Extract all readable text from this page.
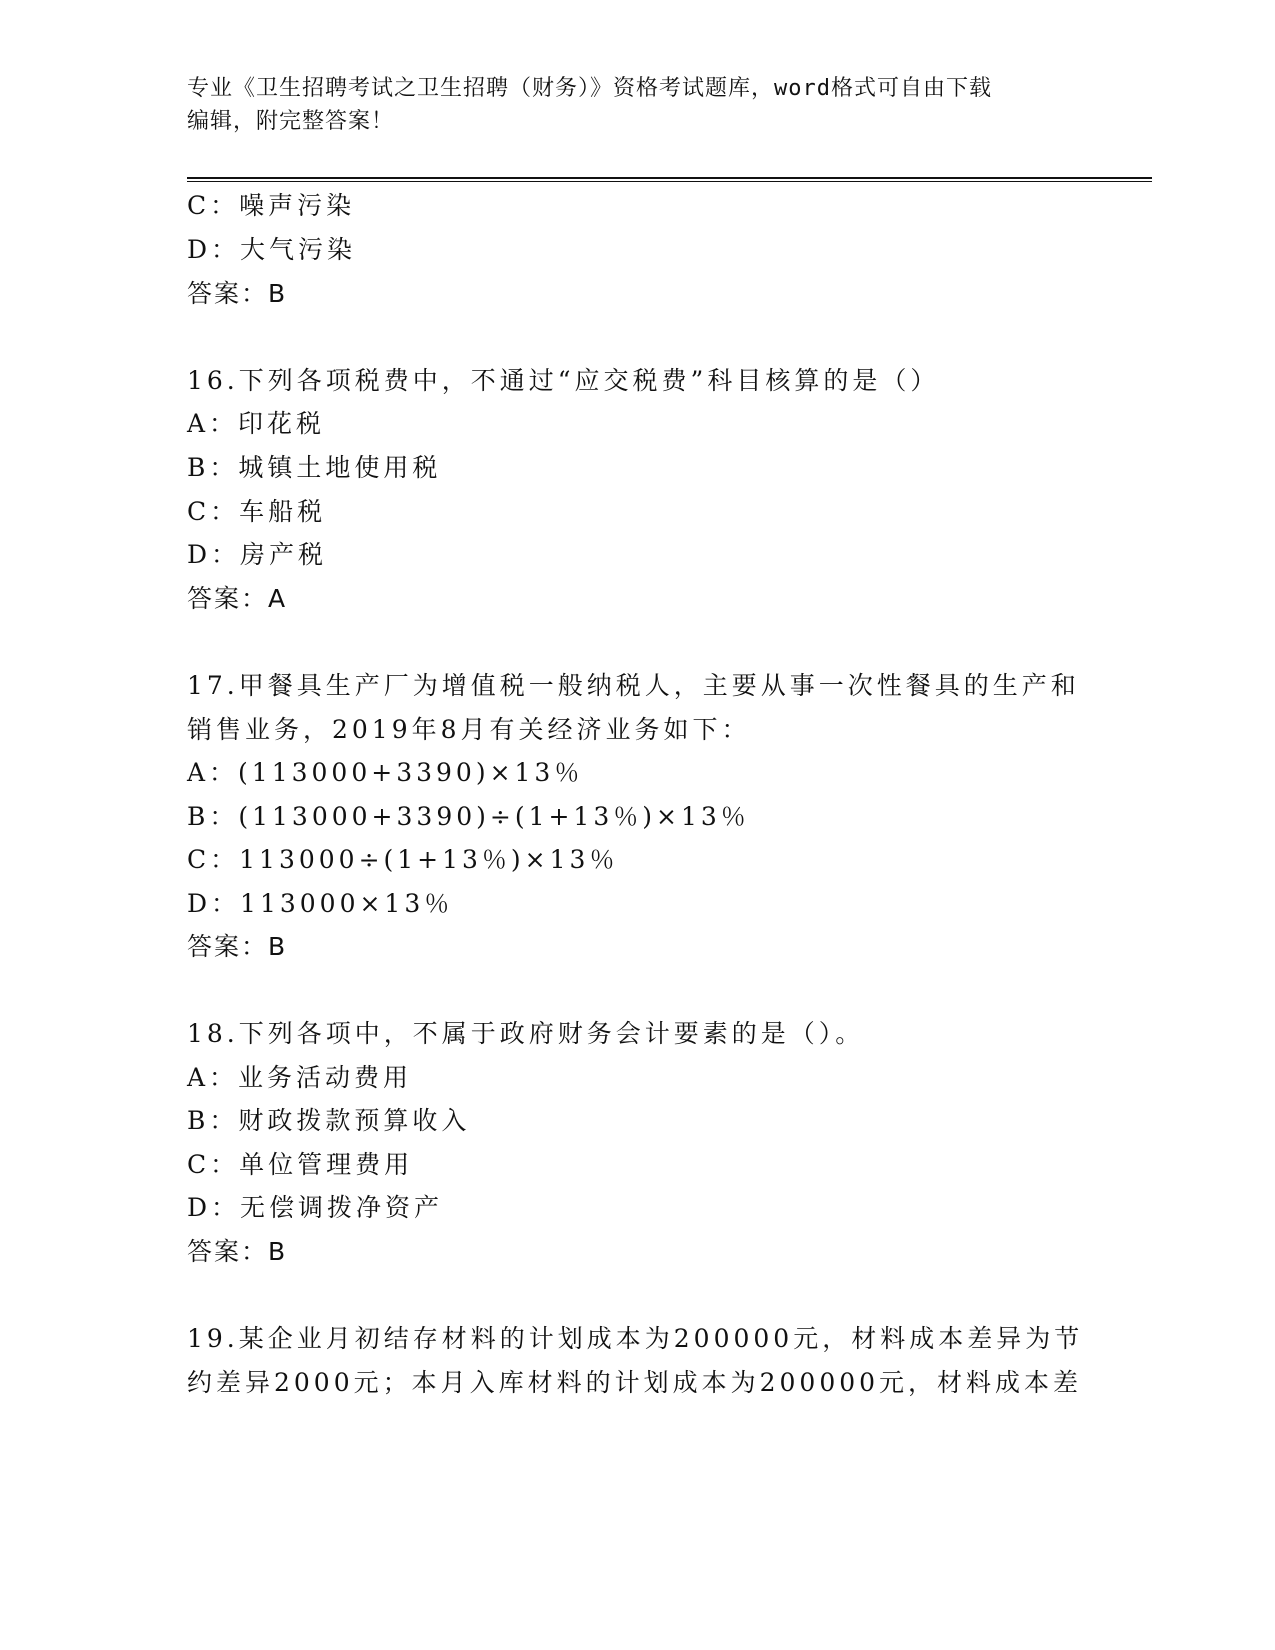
专业《卫生招聘考试之卫生招聘（财务）》资格考试题库，word格式可自由下载
编辑，附完整答案！
C：噪声污染
D：大气污染
答案：B
16.下列各项税费中，不通过“应交税费”科目核算的是（）
A：印花税
B：城镇土地使用税
C：车船税
D：房产税
答案：A
17.甲餐具生产厂为增值税一般纳税人，主要从事一次性餐具的生产和
销售业务，2019年8月有关经济业务如下：
A：(113000+3390)×13％
B：(113000+3390)÷(1+13％)×13％
C：113000÷(1+13％)×13％
D：113000×13％
答案：B
18.下列各项中，不属于政府财务会计要素的是（）。
A：业务活动费用
B：财政拨款预算收入
C：单位管理费用
D：无偿调拨净资产
答案：B
19.某企业月初结存材料的计划成本为200000元，材料成本差异为节
约差异2000元；本月入库材料的计划成本为200000元，材料成本差
